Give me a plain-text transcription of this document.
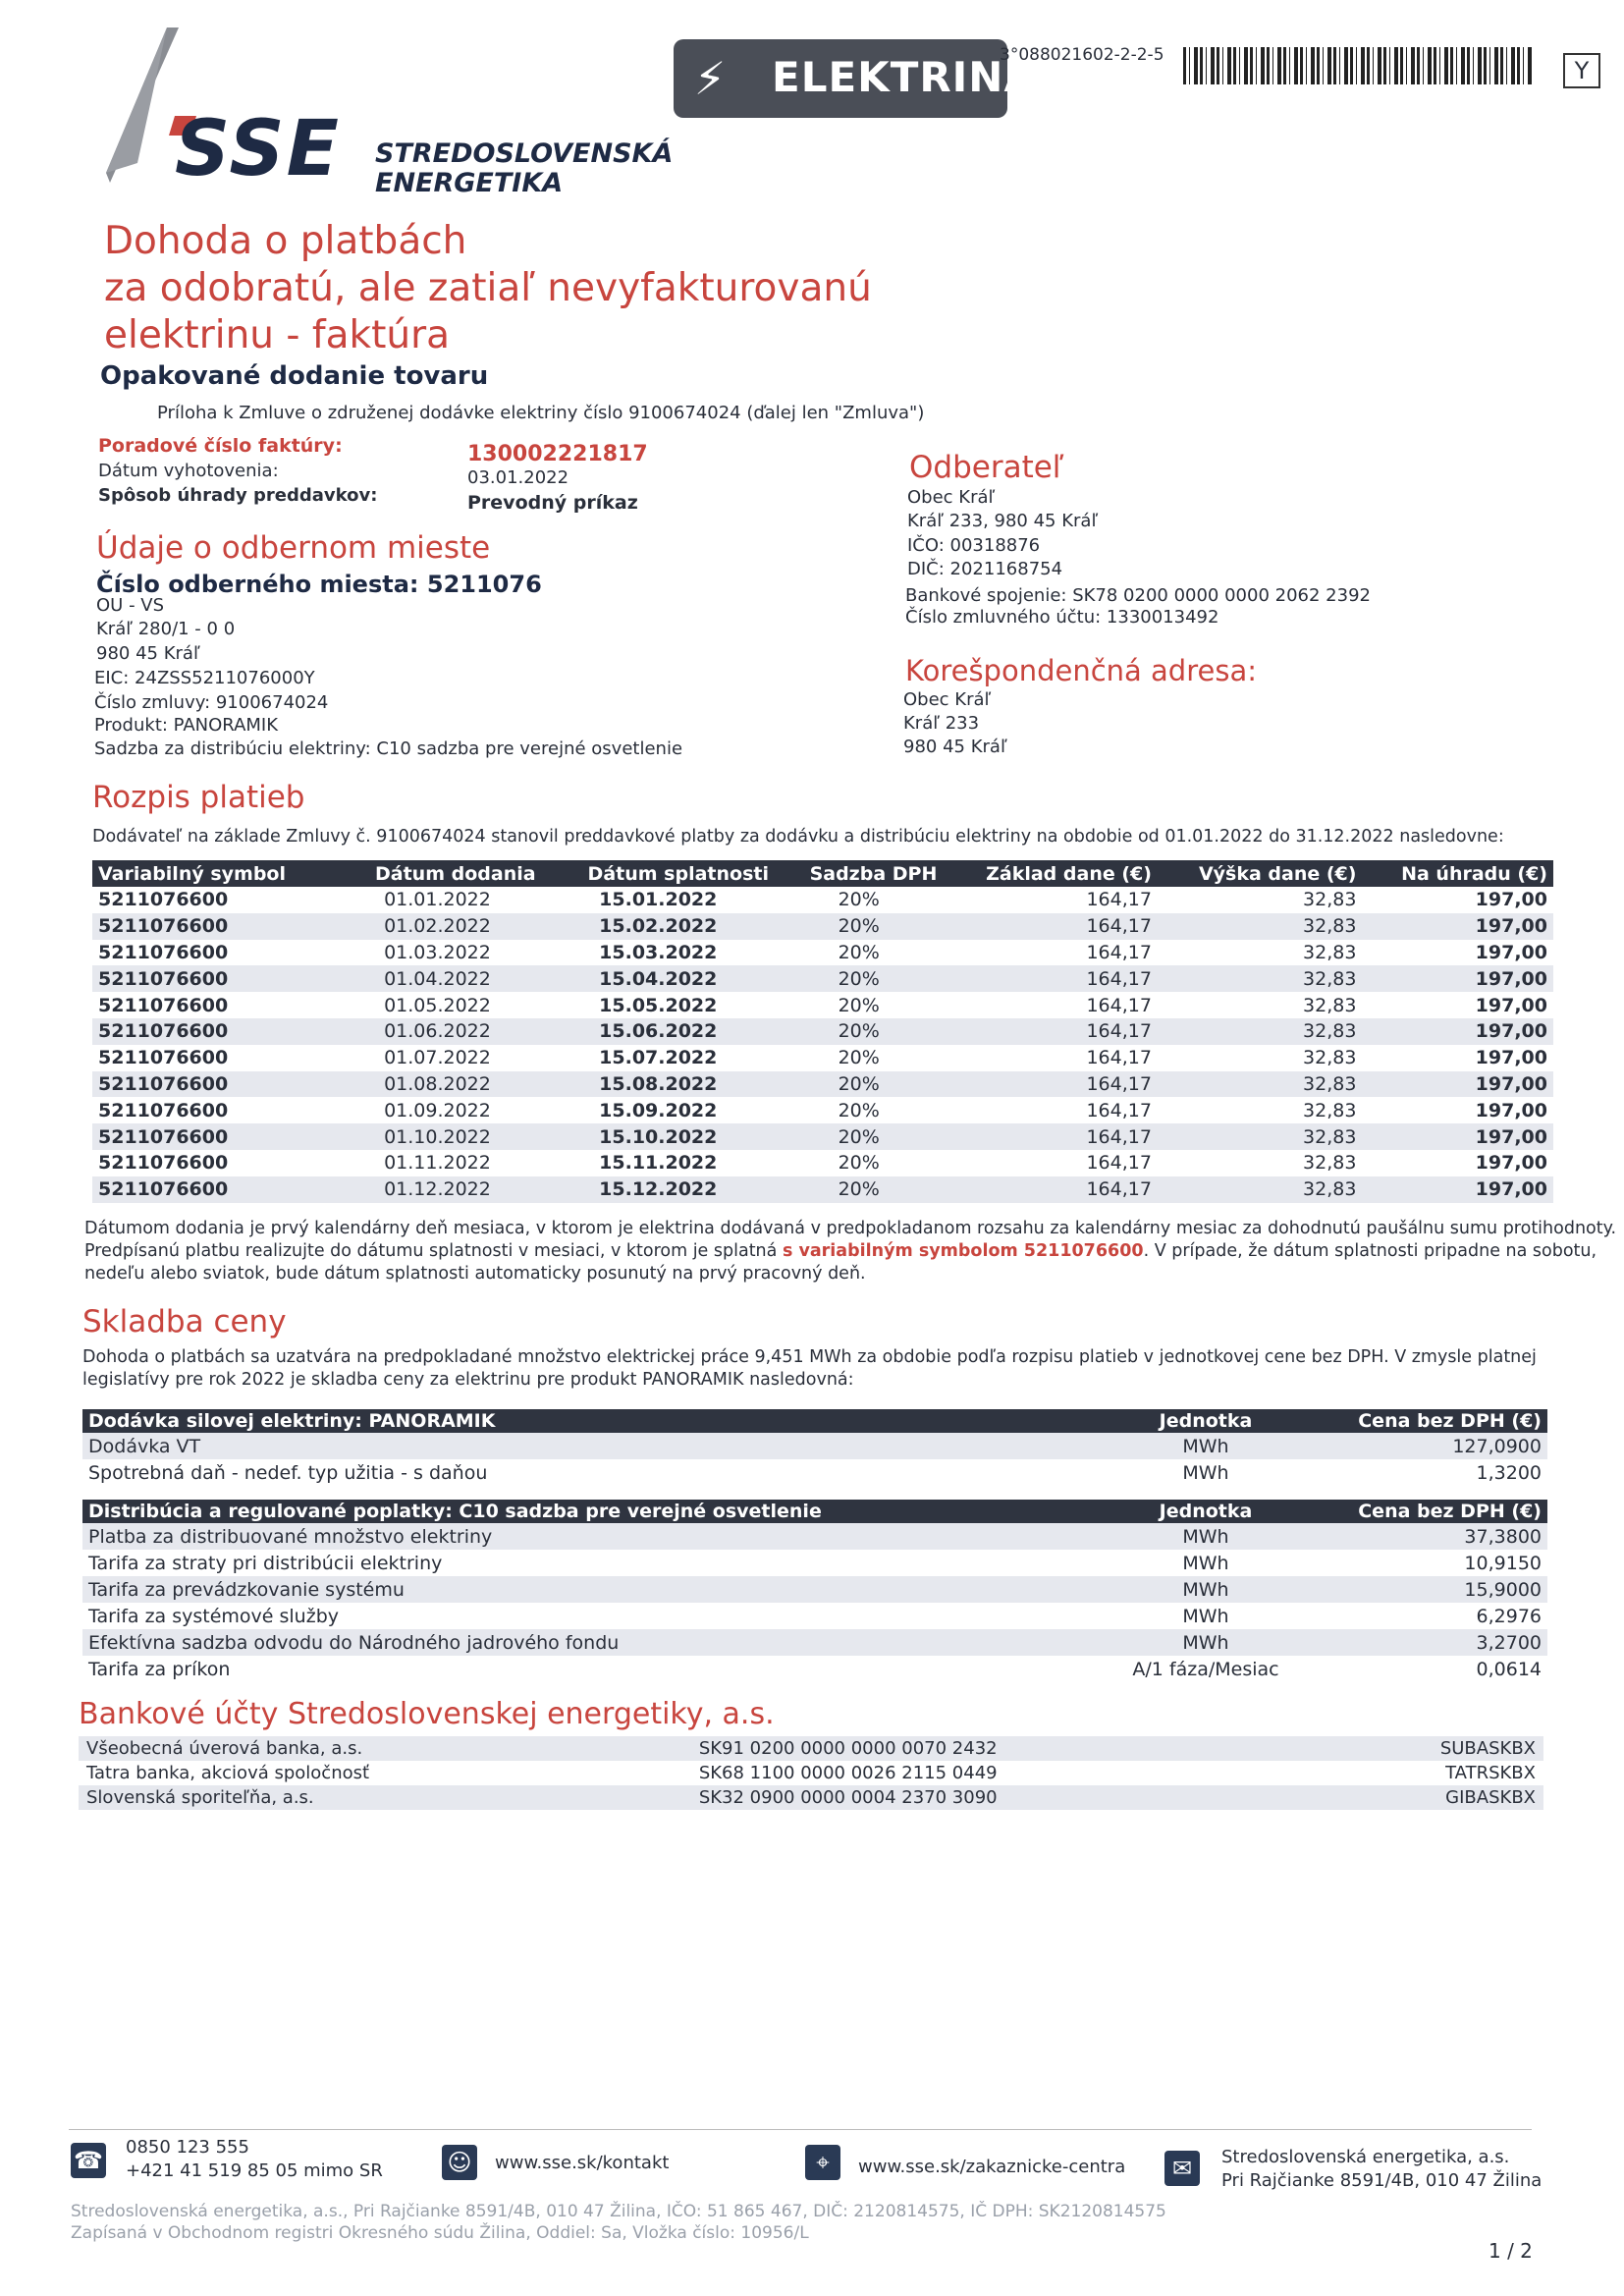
SSE STREDOSLOVENSKÁ
ENERGETIKA
⚡ ELEKTRINA
3°088021602-2-2-5
Y
Dohoda o platbách
za odobratú, ale zatiaľ nevyfakturovanú
elektrinu - faktúra
Opakované dodanie tovaru
Príloha k Zmluve o združenej dodávke elektriny číslo 9100674024 (ďalej len "Zmluva")
Poradové číslo faktúry:	130002221817
Dátum vyhotovenia:	03.01.2022
Spôsob úhrady preddavkov:	Prevodný príkaz
Údaje o odbernom mieste
Číslo odberného miesta: 5211076
OU - VS
Kráľ 280/1 - 0 0
980 45 Kráľ
EIC: 24ZSS5211076000Y
Číslo zmluvy: 9100674024
Produkt: PANORAMIK
Sadzba za distribúciu elektriny: C10 sadzba pre verejné osvetlenie
Odberateľ
Obec Kráľ
Kráľ 233, 980 45 Kráľ
IČO: 00318876
DIČ: 2021168754
Bankové spojenie: SK78 0200 0000 0000 2062 2392
Číslo zmluvného účtu: 1330013492
Korešpondenčná adresa:
Obec Kráľ
Kráľ 233
980 45 Kráľ
Rozpis platieb
Dodávateľ na základe Zmluvy č. 9100674024 stanovil preddavkové platby za dodávku a distribúciu elektriny na obdobie od 01.01.2022 do 31.12.2022 nasledovne:
Variabilný symbol	Dátum dodania	Dátum splatnosti	Sadzba DPH	Základ dane (€)	Výška dane (€)	Na úhradu (€)
5211076600	01.01.2022	15.01.2022	20%	164,17	32,83	197,00
5211076600	01.02.2022	15.02.2022	20%	164,17	32,83	197,00
5211076600	01.03.2022	15.03.2022	20%	164,17	32,83	197,00
5211076600	01.04.2022	15.04.2022	20%	164,17	32,83	197,00
5211076600	01.05.2022	15.05.2022	20%	164,17	32,83	197,00
5211076600	01.06.2022	15.06.2022	20%	164,17	32,83	197,00
5211076600	01.07.2022	15.07.2022	20%	164,17	32,83	197,00
5211076600	01.08.2022	15.08.2022	20%	164,17	32,83	197,00
5211076600	01.09.2022	15.09.2022	20%	164,17	32,83	197,00
5211076600	01.10.2022	15.10.2022	20%	164,17	32,83	197,00
5211076600	01.11.2022	15.11.2022	20%	164,17	32,83	197,00
5211076600	01.12.2022	15.12.2022	20%	164,17	32,83	197,00
Dátumom dodania je prvý kalendárny deň mesiaca, v ktorom je elektrina dodávaná v predpokladanom rozsahu za kalendárny mesiac za dohodnutú paušálnu sumu protihodnoty.
Predpísanú platbu realizujte do dátumu splatnosti v mesiaci, v ktorom je splatná s variabilným symbolom 5211076600. V prípade, že dátum splatnosti pripadne na sobotu,
nedeľu alebo sviatok, bude dátum splatnosti automaticky posunutý na prvý pracovný deň.
Skladba ceny
Dohoda o platbách sa uzatvára na predpokladané množstvo elektrickej práce 9,451 MWh za obdobie podľa rozpisu platieb v jednotkovej cene bez DPH. V zmysle platnej
legislatívy pre rok 2022 je skladba ceny za elektrinu pre produkt PANORAMIK nasledovná:
Dodávka silovej elektriny: PANORAMIK	Jednotka	Cena bez DPH (€)
Dodávka VT	MWh	127,0900
Spotrebná daň - nedef. typ užitia - s daňou	MWh	1,3200
Distribúcia a regulované poplatky: C10 sadzba pre verejné osvetlenie	Jednotka	Cena bez DPH (€)
Platba za distribuované množstvo elektriny	MWh	37,3800
Tarifa za straty pri distribúcii elektriny	MWh	10,9150
Tarifa za prevádzkovanie systému	MWh	15,9000
Tarifa za systémové služby	MWh	6,2976
Efektívna sadzba odvodu do Národného jadrového fondu	MWh	3,2700
Tarifa za príkon	A/1 fáza/Mesiac	0,0614
Bankové účty Stredoslovenskej energetiky, a.s.
Všeobecná úverová banka, a.s.	SK91 0200 0000 0000 0070 2432	SUBASKBX
Tatra banka, akciová spoločnosť	SK68 1100 0000 0026 2115 0449	TATRSKBX
Slovenská sporiteľňa, a.s.	SK32 0900 0000 0004 2370 3090	GIBASKBX
☎ 0850 123 555
+421 41 519 85 05 mimo SR	☺	www.sse.sk/kontakt	⌖	www.sse.sk/zakaznicke-centra	✉	Stredoslovenská energetika, a.s.
Pri Rajčianke 8591/4B, 010 47 Žilina
Stredoslovenská energetika, a.s., Pri Rajčianke 8591/4B, 010 47 Žilina, IČO: 51 865 467, DIČ: 2120814575, IČ DPH: SK2120814575
Zapísaná v Obchodnom registri Okresného súdu Žilina, Oddiel: Sa, Vložka číslo: 10956/L
1 / 2
